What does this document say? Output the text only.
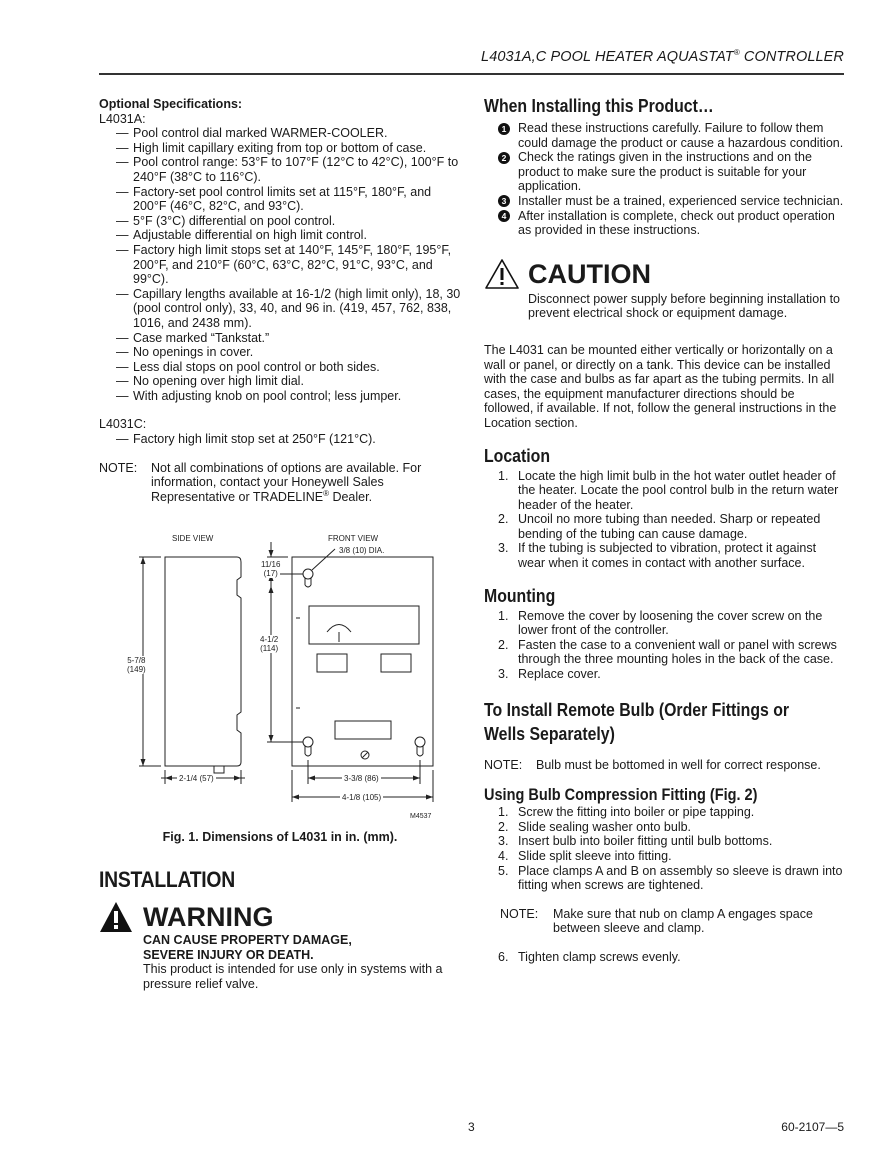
L4031A,C POOL HEATER AQUASTAT® CONTROLLER

Optional Specifications:

L4031A:

— Pool control dial marked WARMER-COOLER.
— High limit capillary exiting from top or bottom of case.
— Pool control range: 53°F to 107°F (12°C to 42°C), 100°F to 240°F (38°C to 116°C).
— Factory-set pool control limits set at 115°F, 180°F, and 200°F (46°C, 82°C, and 93°C).
— 5°F (3°C) differential on pool control.
— Adjustable differential on high limit control.
— Factory high limit stops set at 140°F, 145°F, 180°F, 195°F, 200°F, and 210°F (60°C, 63°C, 82°C, 91°C, 93°C, and 99°C).
— Capillary lengths available at 16-1/2 (high limit only), 18, 30 (pool control only), 33, 40, and 96 in. (419, 457, 762, 838, 1016, and 2438 mm).
— Case marked “Tankstat.”
— No openings in cover.
— Less dial stops on pool control or both sides.
— No opening over high limit dial.
— With adjusting knob on pool control; less jumper.

L4031C:

— Factory high limit stop set at 250°F (121°C).
NOTE:	Not all combinations of options are available. For information, contact your Honeywell Sales Representative or TRADELINE® Dealer.
SIDE VIEW	FRONT VIEW
3/8 (10) DIA.
11/16
(17)
4-1/2
(114)
5-7/8
(149)
2-1/4 (57)	3-3/8 (86)
4-1/8 (105)
M4537

Fig. 1. Dimensions of L4031 in in. (mm).

INSTALLATION
WARNING

CAN CAUSE PROPERTY DAMAGE,

SEVERE INJURY OR DEATH.

This product is intended for use only in systems with a pressure relief valve.

When Installing this Product…
1 Read these instructions carefully. Failure to follow them could damage the product or cause a hazardous condition.
2 Check the ratings given in the instructions and on the product to make sure the product is suitable for your application.
3 Installer must be a trained, experienced service technician.
4 After installation is complete, check out product operation as provided in these instructions.
CAUTION

Disconnect power supply before beginning installation to prevent electrical shock or equipment damage.

The L4031 can be mounted either vertically or horizontally on a wall or panel, or directly on a tank. This device can be installed with the case and bulbs as far apart as the tubing permits. In all cases, the equipment manufacturer directions should be followed, if available. If not, follow the general instructions in the Location section.

Location
1. Locate the high limit bulb in the hot water outlet header of the heater. Locate the pool control bulb in the return water header of the heater.
2. Uncoil no more tubing than needed. Sharp or repeated bending of the tubing can cause damage.
3. If the tubing is subjected to vibration, protect it against wear when it comes in contact with another surface.
Mounting
1. Remove the cover by loosening the cover screw on the lower front of the controller.
2. Fasten the case to a convenient wall or panel with screws through the three mounting holes in the back of the case.
3. Replace cover.
To Install Remote Bulb (Order Fittings or
Wells Separately)
NOTE:	Bulb must be bottomed in well for correct response.
Using Bulb Compression Fitting (Fig. 2)
1. Screw the fitting into boiler or pipe tapping.
2. Slide sealing washer onto bulb.
3. Insert bulb into boiler fitting until bulb bottoms.
4. Slide split sleeve into fitting.
5. Place clamps A and B on assembly so sleeve is drawn into fitting when screws are tightened.
NOTE:	Make sure that nub on clamp A engages space between sleeve and clamp.
6. Tighten clamp screws evenly.
3	60-2107—5
